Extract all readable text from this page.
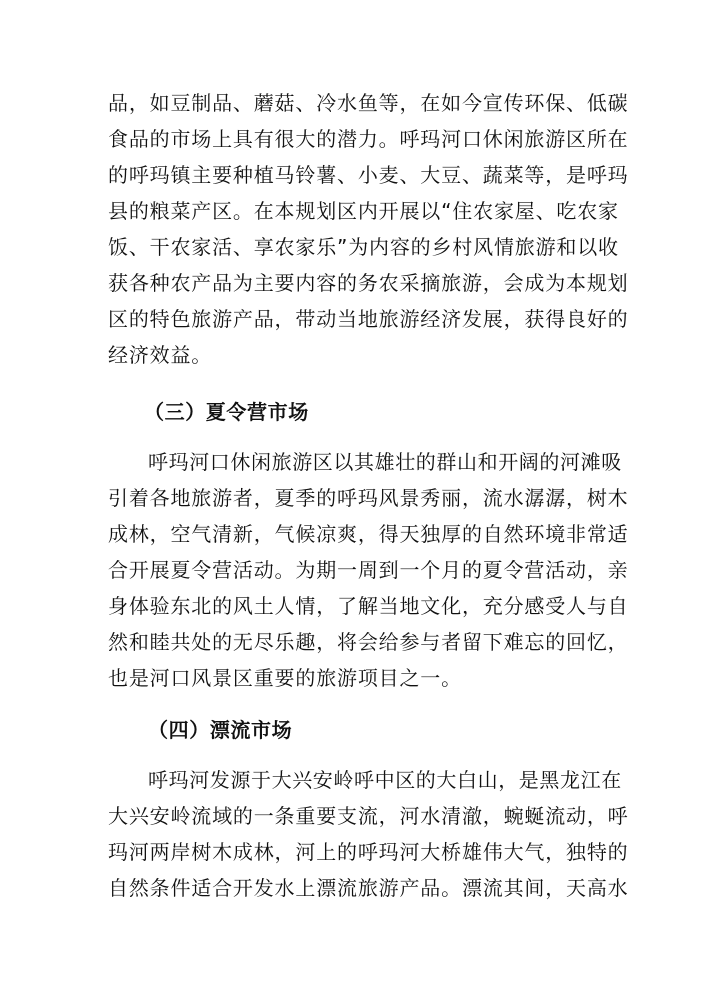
品，如豆制品、蘑菇、冷水鱼等，在如今宣传环保、低碳

食品的市场上具有很大的潜力。呼玛河口休闲旅游区所在

的呼玛镇主要种植马铃薯、小麦、大豆、蔬菜等，是呼玛

县的粮菜产区。在本规划区内开展以“住农家屋、吃农家

饭、干农家活、享农家乐”为内容的乡村风情旅游和以收

获各种农产品为主要内容的务农采摘旅游，会成为本规划

区的特色旅游产品，带动当地旅游经济发展，获得良好的

经济效益。

（三）夏令营市场

呼玛河口休闲旅游区以其雄壮的群山和开阔的河滩吸

引着各地旅游者，夏季的呼玛风景秀丽，流水潺潺，树木

成林，空气清新，气候凉爽，得天独厚的自然环境非常适

合开展夏令营活动。为期一周到一个月的夏令营活动，亲

身体验东北的风土人情，了解当地文化，充分感受人与自

然和睦共处的无尽乐趣，将会给参与者留下难忘的回忆，

也是河口风景区重要的旅游项目之一。

（四）漂流市场

呼玛河发源于大兴安岭呼中区的大白山，是黑龙江在

大兴安岭流域的一条重要支流，河水清澈，蜿蜒流动，呼

玛河两岸树木成林，河上的呼玛河大桥雄伟大气，独特的

自然条件适合开发水上漂流旅游产品。漂流其间，天高水
